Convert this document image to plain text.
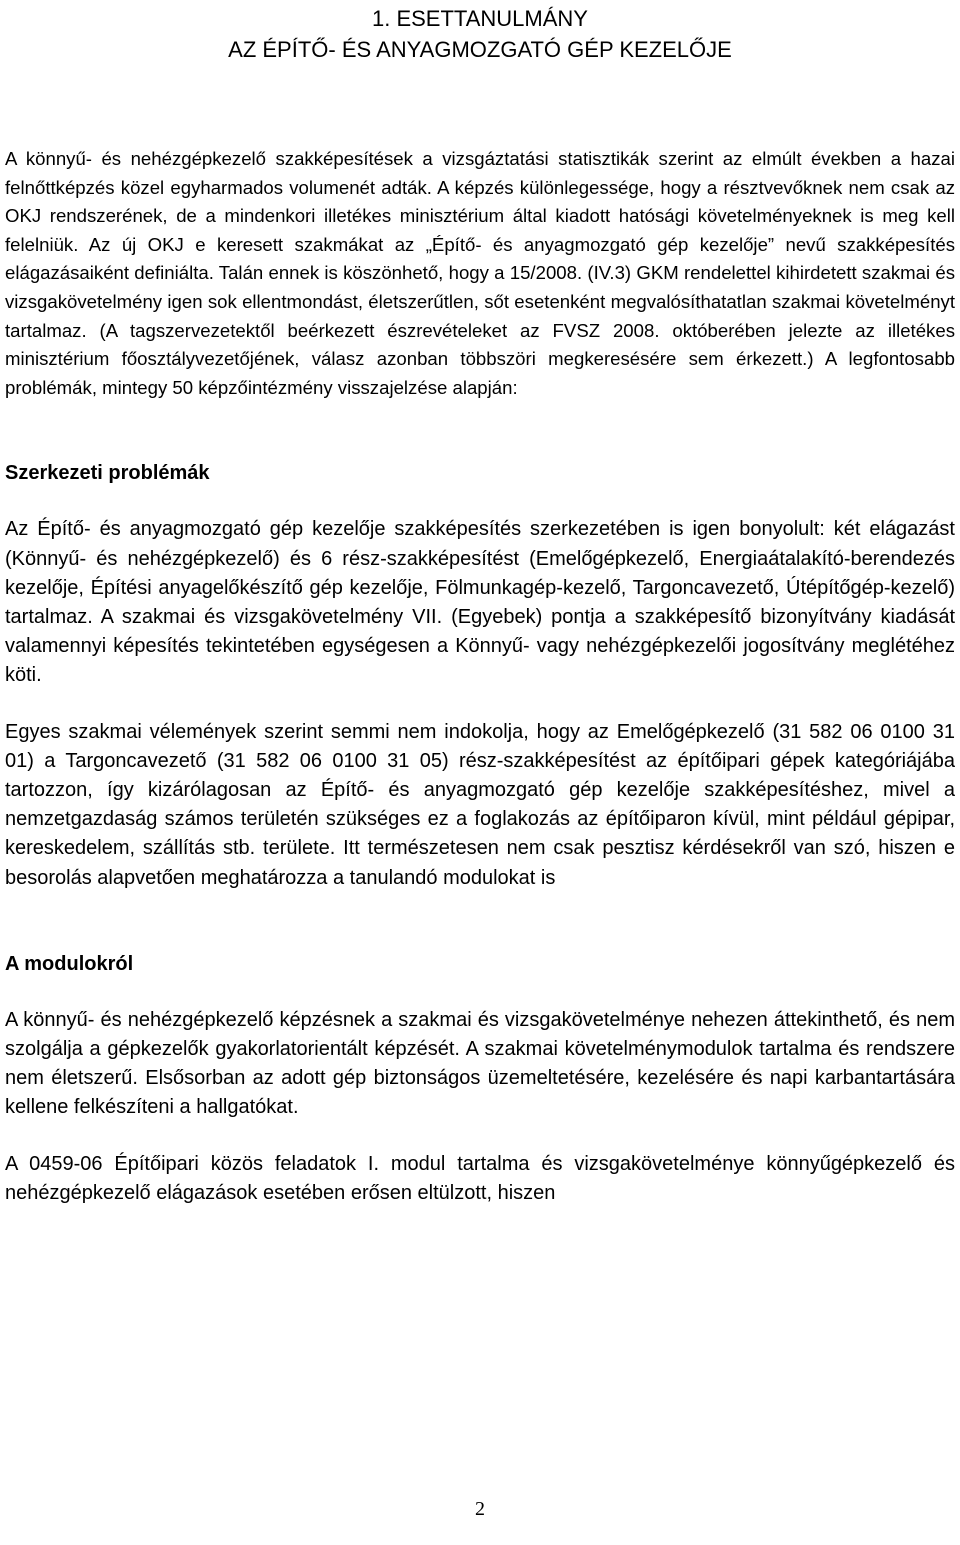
1. ESETTANULMÁNY
AZ ÉPÍTŐ- ÉS ANYAGMOZGATÓ GÉP KEZELŐJE

A könnyű- és nehézgépkezelő szakképesítések a vizsgáztatási statisztikák szerint az elmúlt években a hazai felnőttképzés közel egyharmados volumenét adták. A képzés különlegessége, hogy a résztvevőknek nem csak az OKJ rendszerének, de a mindenkori illetékes minisztérium által kiadott hatósági követelményeknek is meg kell felelniük. Az új OKJ e keresett szakmákat az „Építő- és anyagmozgató gép kezelője” nevű szakképesítés elágazásaiként definiálta. Talán ennek is köszönhető, hogy a 15/2008. (IV.3) GKM rendelettel kihirdetett szakmai és vizsgakövetelmény igen sok ellentmondást, életszerűtlen, sőt esetenként megvalósíthatatlan szakmai követelményt tartalmaz. (A tagszervezetektől beérkezett észrevételeket az FVSZ 2008. októberében jelezte az illetékes minisztérium főosztályvezetőjének, válasz azonban többszöri megkeresésére sem érkezett.) A legfontosabb problémák, mintegy 50 képzőintézmény visszajelzése alapján:

Szerkezeti problémák

Az Építő- és anyagmozgató gép kezelője szakképesítés szerkezetében is igen bonyolult: két elágazást (Könnyű- és nehézgépkezelő) és 6 rész-szakképesítést (Emelőgépkezelő, Energiaátalakító-berendezés kezelője, Építési anyagelőkészítő gép kezelője, Fölmunkagép-kezelő, Targoncavezető, Útépítőgép-kezelő) tartalmaz. A szakmai és vizsgakövetelmény VII. (Egyebek) pontja a szakképesítő bizonyítvány kiadását valamennyi képesítés tekintetében egységesen a Könnyű- vagy nehézgépkezelői jogosítvány meglétéhez köti.

Egyes szakmai vélemények szerint semmi nem indokolja, hogy az Emelőgépkezelő (31 582 06 0100 31 01) a Targoncavezető (31 582 06 0100 31 05) rész-szakképesítést az építőipari gépek kategóriájába tartozzon, így kizárólagosan az Építő- és anyagmozgató gép kezelője szakképesítéshez, mivel a nemzetgazdaság számos területén szükséges ez a foglakozás az építőiparon kívül, mint például gépipar, kereskedelem, szállítás stb. területe. Itt természetesen nem csak pesztisz kérdésekről van szó, hiszen e besorolás alapvetően meghatározza a tanulandó modulokat is

A modulokról

A könnyű- és nehézgépkezelő képzésnek a szakmai és vizsgakövetelménye nehezen áttekinthető, és nem szolgálja a gépkezelők gyakorlatorientált képzését. A szakmai követelménymodulok tartalma és rendszere nem életszerű. Elsősorban az adott gép biztonságos üzemeltetésére, kezelésére és napi karbantartására kellene felkészíteni a hallgatókat.

A 0459-06 Építőipari közös feladatok I. modul tartalma és vizsgakövetelménye könnyűgépkezelő és nehézgépkezelő elágazások esetében erősen eltülzott, hiszen

2
